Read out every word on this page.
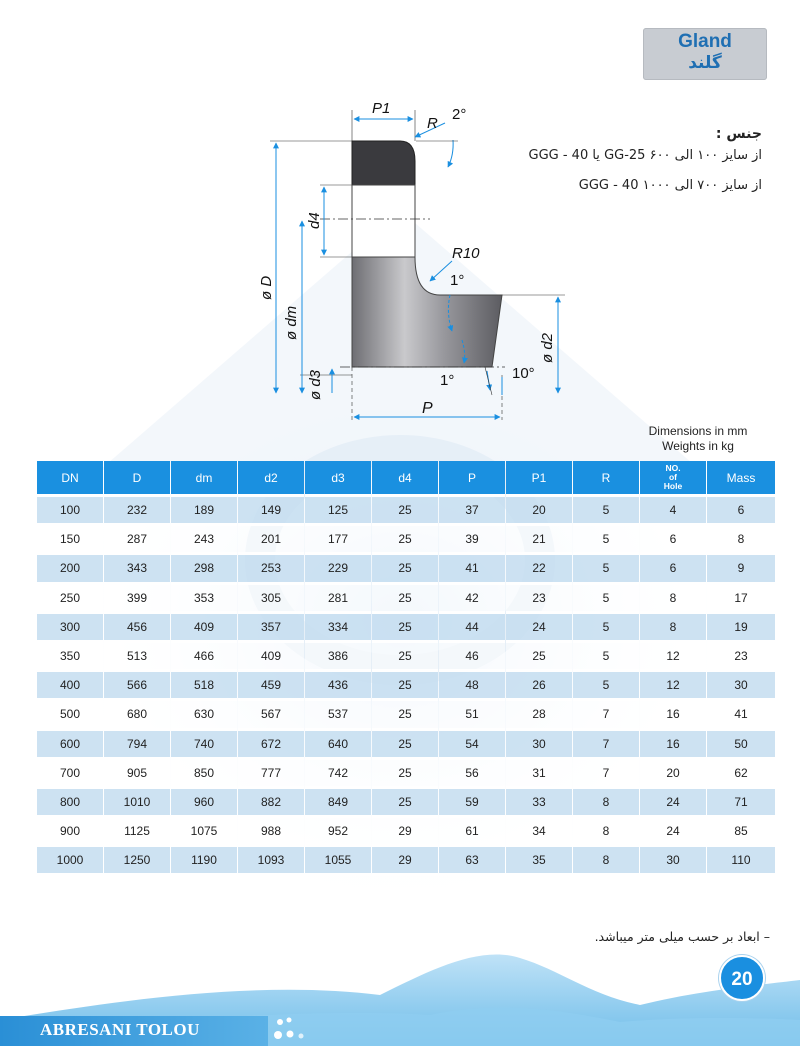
Gland
گلند
P1
R
2°
d4
R10
1°
ø D
ø dm
ø d3
ø d2
1°	10°
P
جنس :
از سایز ۱۰۰ الی ۶۰۰ GG-25 یا GGG - 40
از سایز ۷۰۰ الی ۱۰۰۰ GGG - 40
Dimensions in mm
Weights in kg
DN	D	dm	d2	d3	d4	P	P1	R	NO.
of
Hole	Mass
100	232	189	149	125	25	37	20	5	4	6
150	287	243	201	177	25	39	21	5	6	8
200	343	298	253	229	25	41	22	5	6	9
250	399	353	305	281	25	42	23	5	8	17
300	456	409	357	334	25	44	24	5	8	19
350	513	466	409	386	25	46	25	5	12	23
400	566	518	459	436	25	48	26	5	12	30
500	680	630	567	537	25	51	28	7	16	41
600	794	740	672	640	25	54	30	7	16	50
700	905	850	777	742	25	56	31	7	20	62
800	1010	960	882	849	25	59	33	8	24	71
900	1125	1075	988	952	29	61	34	8	24	85
1000	1250	1190	1093	1055	29	63	35	8	30	110
– ابعاد بر حسب میلی متر میباشد.
ABRESANI TOLOU
20
